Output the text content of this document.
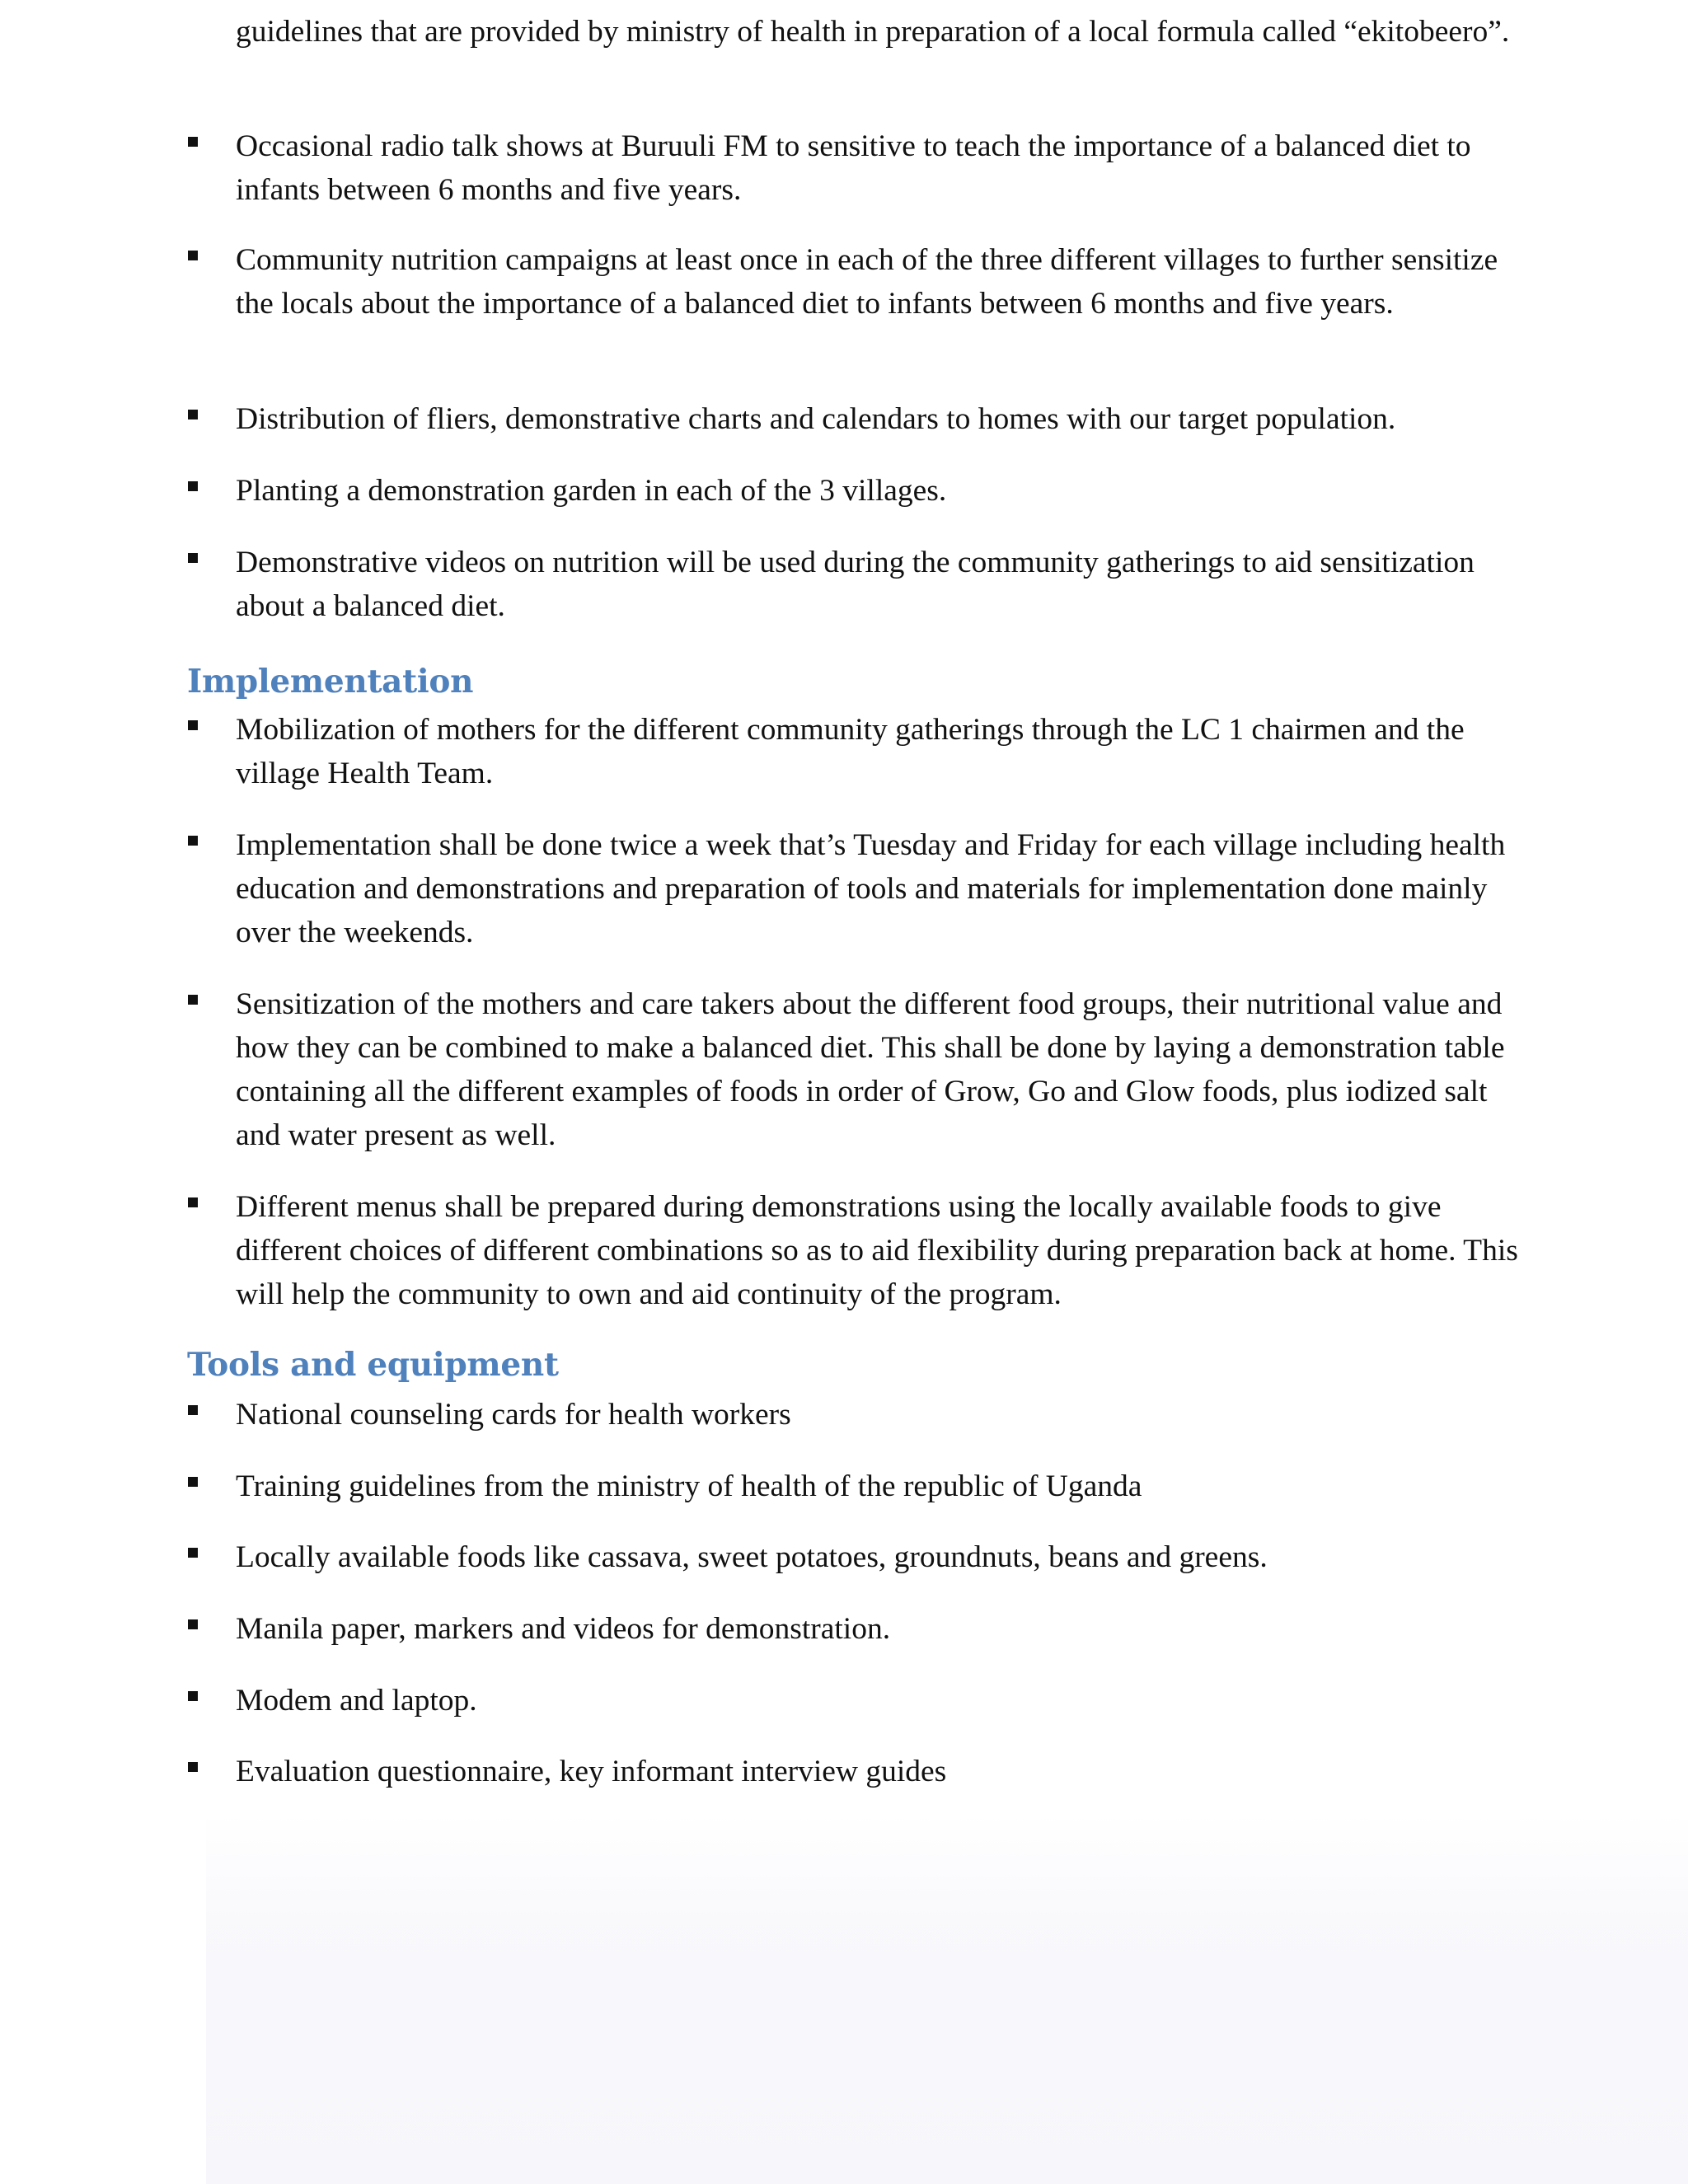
guidelines that are provided by ministry of health in preparation of a local formula called “ekitobeero”.

Occasional radio talk shows at Buruuli FM to sensitive to teach the importance of a balanced diet to infants between 6 months and five years.

Community nutrition campaigns at least once in each of the three different villages to further sensitize the locals about the importance of a balanced diet to infants between 6 months and five years.

Distribution of fliers, demonstrative charts and calendars to homes with our target population.

Planting a demonstration garden in each of the 3 villages.

Demonstrative videos on nutrition will be used during the community gatherings to aid sensitization about a balanced diet.

Implementation

Mobilization of mothers for the different community gatherings through the LC 1 chairmen and the village Health Team.

Implementation shall be done twice a week that’s Tuesday and Friday for each village including health education and demonstrations and preparation of tools and materials for implementation done mainly over the weekends.

Sensitization of the mothers and care takers about the different food groups, their nutritional value and how they can be combined to make a balanced diet. This shall be done by laying a demonstration table containing all the different examples of foods in order of Grow, Go and Glow foods, plus iodized salt and water present as well.

Different menus shall be prepared during demonstrations using the locally available foods to give different choices of different combinations so as to aid flexibility during preparation back at home. This will help the community to own and aid continuity of the program.

Tools and equipment

National counseling cards for health workers

Training guidelines from the ministry of health of the republic of Uganda

Locally available foods like cassava, sweet potatoes, groundnuts, beans and greens.

Manila paper, markers and videos for demonstration.

Modem and laptop.

Evaluation questionnaire, key informant interview guides
